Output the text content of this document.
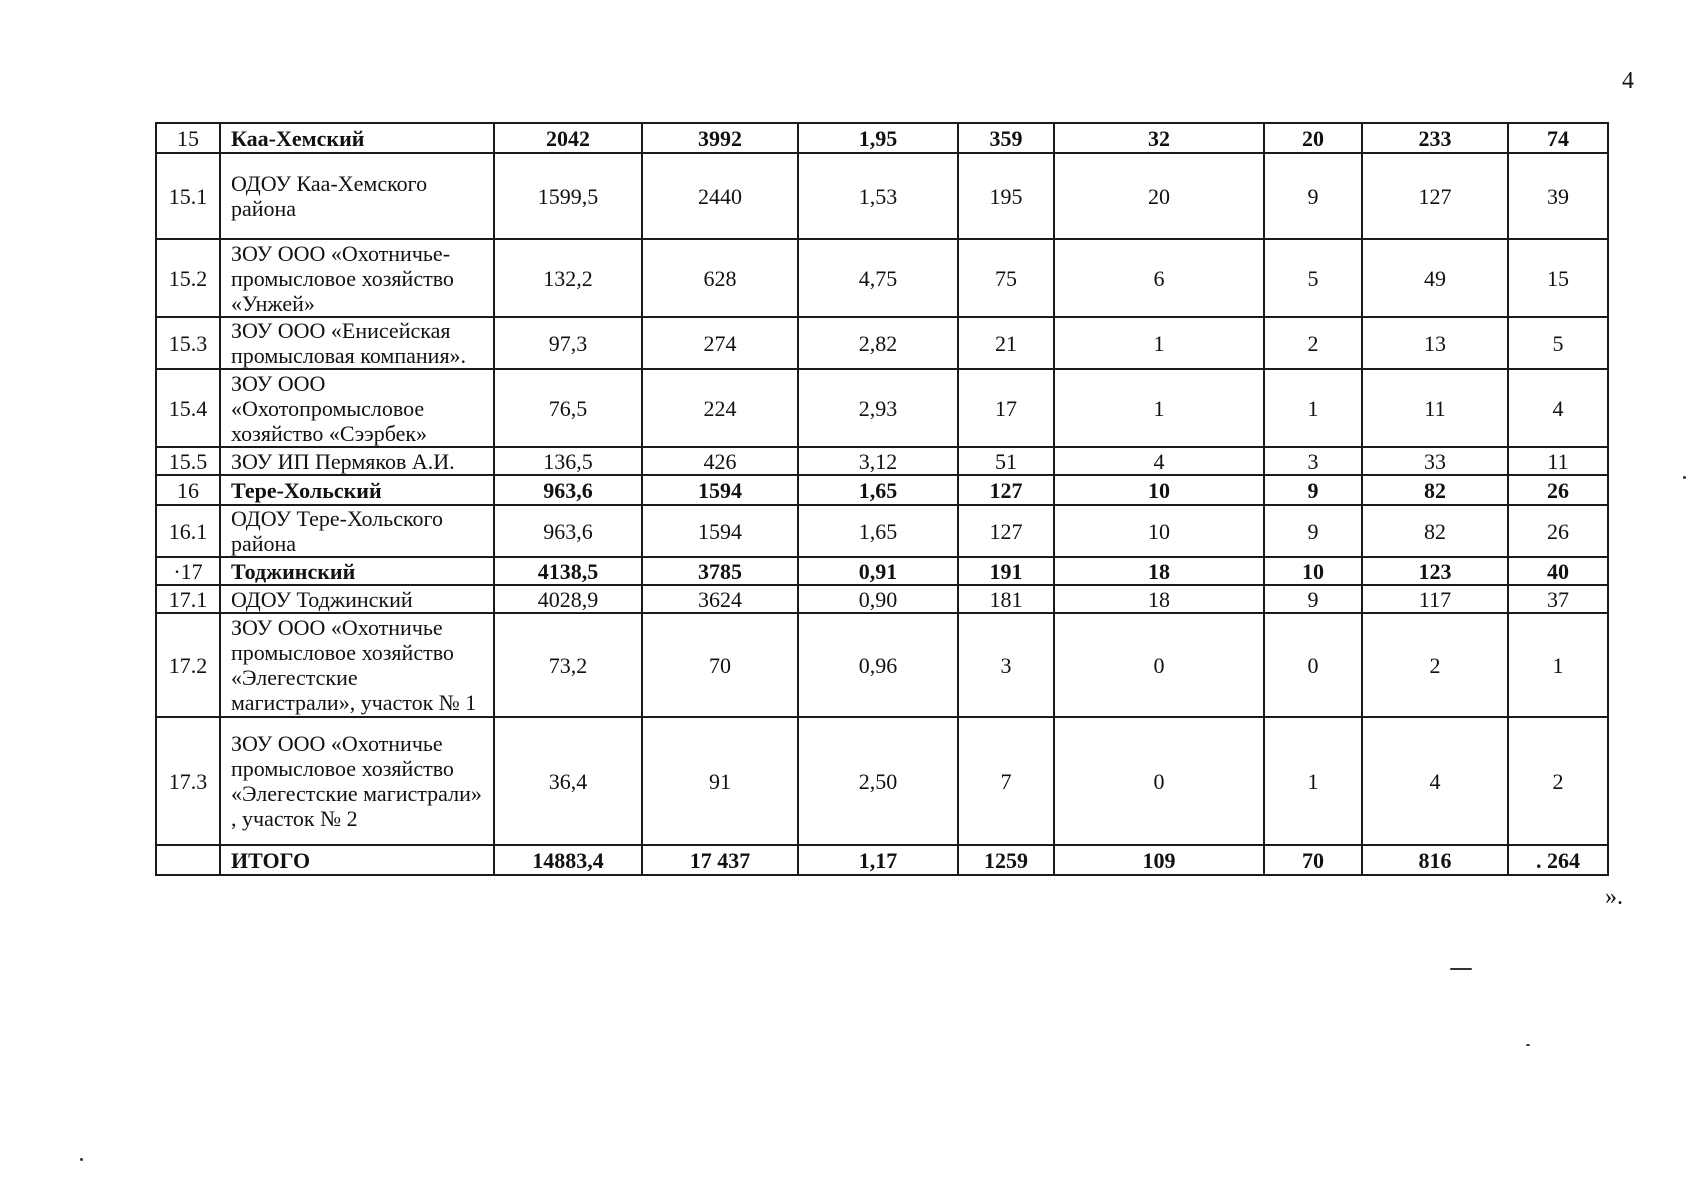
4
15	Каа-Хемский	2042	3992	1,95	359	32	20	233	74
15.1	ОДОУ Каа-Хемского района	1599,5	2440	1,53	195	20	9	127	39
15.2	ЗОУ ООО «Охотничье-промысловое хозяйство «Унжей»	132,2	628	4,75	75	6	5	49	15
15.3	ЗОУ ООО «Енисейская промысловая компания».	97,3	274	2,82	21	1	2	13	5
15.4	ЗОУ ООО «Охотопромысловое хозяйство «Сээрбек»	76,5	224	2,93	17	1	1	11	4
15.5	ЗОУ ИП Пермяков А.И.	136,5	426	3,12	51	4	3	33	11
16	Тере-Хольский	963,6	1594	1,65	127	10	9	82	26
16.1	ОДОУ Тере-Хольского района	963,6	1594	1,65	127	10	9	82	26
·17	Тоджинский	4138,5	3785	0,91	191	18	10	123	40
17.1	ОДОУ Тоджинский	4028,9	3624	0,90	181	18	9	117	37
17.2	ЗОУ ООО «Охотничье промысловое хозяйство «Элегестские магистрали», участок № 1	73,2	70	0,96	3	0	0	2	1
17.3	ЗОУ ООО «Охотничье промысловое хозяйство «Элегестские магистрали» , участок № 2	36,4	91	2,50	7	0	1	4	2
	ИТОГО	14883,4	17 437	1,17	1259	109	70	816	. 264
».
